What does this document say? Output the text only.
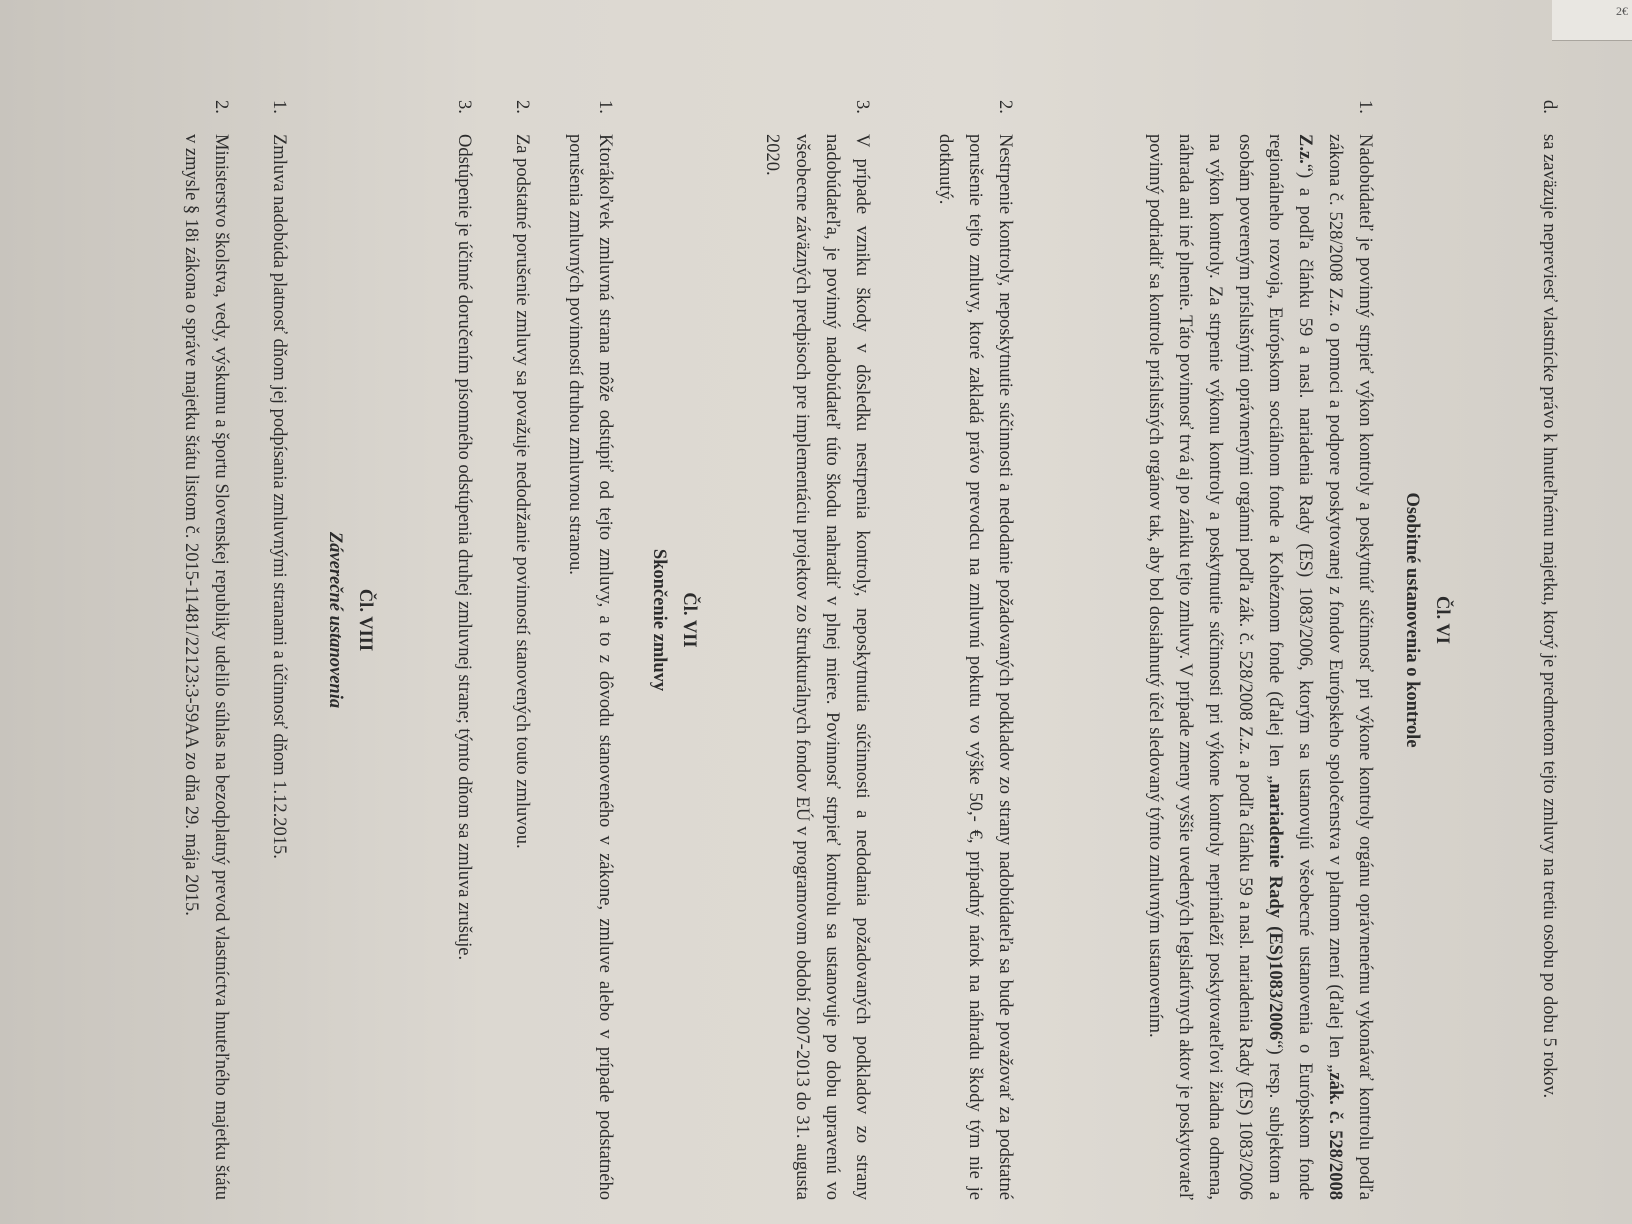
2€
d.
sa zaväzuje nepreviesť vlastnícke právo k hnuteľnému majetku, ktorý je predmetom tejto zmluvy na tretiu osobu po dobu 5 rokov.
Čl. VI
Osobitné ustanovenia o kontrole
1.
Nadobúdateľ je povinný strpieť výkon kontroly a poskytnúť súčinnosť pri výkone kontroly orgánu oprávnenému vykonávať kontrolu podľa zákona č. 528/2008 Z.z. o pomoci a podpore poskytovanej z fondov Európskeho spoločenstva v platnom znení (ďalej len „zák. č. 528/2008 Z.z.“) a podľa článku 59 a nasl. nariadenia Rady (ES) 1083/2006, ktorým sa ustanovujú všeobecné ustanovenia o Európskom fonde regionálneho rozvoja, Európskom sociálnom fonde a Kohéznom fonde (ďalej len „nariadenie Rady (ES)1083/2006“) resp. subjektom a osobám povereným príslušnými oprávnenými orgánmi podľa zák. č. 528/2008 Z.z. a podľa článku 59 a nasl. nariadenia Rady (ES) 1083/2006 na výkon kontroly. Za strpenie výkonu kontroly a poskytnutie súčinnosti pri výkone kontroly neprináleží poskytovateľovi žiadna odmena, náhrada ani iné plnenie. Táto povinnosť trvá aj po zániku tejto zmluvy. V prípade zmeny vyššie uvedených legislatívnych aktov je poskytovateľ povinný podriadiť sa kontrole príslušných orgánov tak, aby bol dosiahnutý účel sledovaný týmto zmluvným ustanovením.
2.
Nestrpenie kontroly, neposkytnutie súčinnosti a nedodanie požadovaných podkladov zo strany nadobúdateľa sa bude považovať za podstatné porušenie tejto zmluvy, ktoré zakladá právo prevodcu na zmluvnú pokutu vo výške 50,- €, prípadný nárok na náhradu škody tým nie je dotknutý.
3.
V prípade vzniku škody v dôsledku nestrpenia kontroly, neposkytnutia súčinnosti a nedodania požadovaných podkladov zo strany nadobúdateľa, je povinný nadobúdateľ túto škodu nahradiť v plnej miere. Povinnosť strpieť kontrolu sa ustanovuje po dobu upravenú vo všeobecne záväzných predpisoch pre implementáciu projektov zo štrukturálnych fondov EÚ v programovom období 2007-2013 do 31. augusta 2020.
Čl. VII
Skončenie zmluvy
1.
Ktorákoľvek zmluvná strana môže odstúpiť od tejto zmluvy, a to z dôvodu stanoveného v zákone, zmluve alebo v prípade podstatného porušenia zmluvných povinností druhou zmluvnou stranou.
2.
Za podstatné porušenie zmluvy sa považuje nedodržanie povinností stanovených touto zmluvou.
3.
Odstúpenie je účinné doručením písomného odstúpenia druhej zmluvnej strane; týmto dňom sa zmluva zrušuje.
Čl. VIII
Záverečné ustanovenia
1.
Zmluva nadobúda platnosť dňom jej podpísania zmluvnými stranami a účinnosť dňom 1.12.2015.
2.
Ministerstvo školstva, vedy, výskumu a športu Slovenskej republiky udelilo súhlas na bezodplatný prevod vlastníctva hnuteľného majetku štátu v zmysle § 18i zákona o správe majetku štátu listom č. 2015-11481/22123:3-59AA zo dňa 29. mája 2015.
